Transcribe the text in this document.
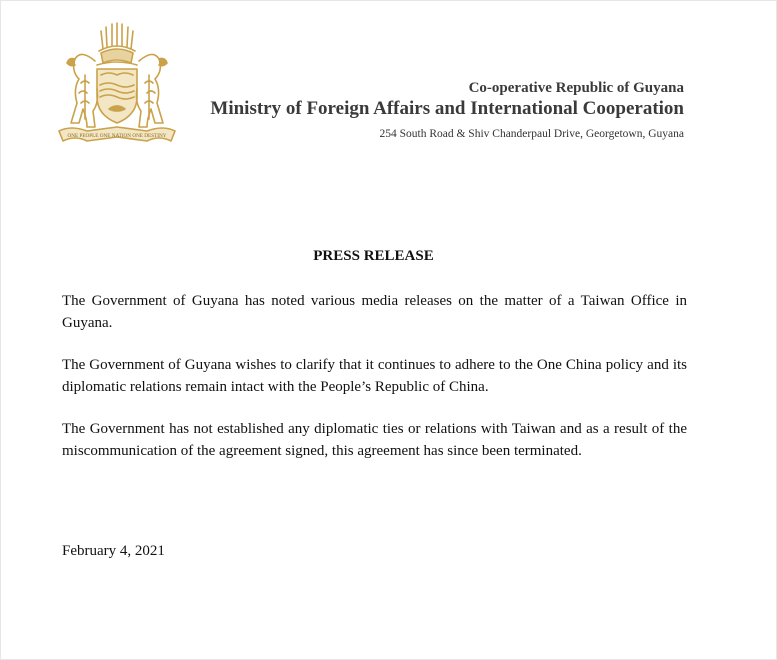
ONE PEOPLE ONE NATION ONE DESTINY
Co-operative Republic of Guyana
Ministry of Foreign Affairs and International Cooperation
254 South Road & Shiv Chanderpaul Drive, Georgetown, Guyana
PRESS RELEASE

The Government of Guyana has noted various media releases on the matter of a Taiwan Office in Guyana.

The Government of Guyana wishes to clarify that it continues to adhere to the One China policy and its diplomatic relations remain intact with the People’s Republic of China.

The Government has not established any diplomatic ties or relations with Taiwan and as a result of the miscommunication of the agreement signed, this agreement has since been terminated.

February 4, 2021
